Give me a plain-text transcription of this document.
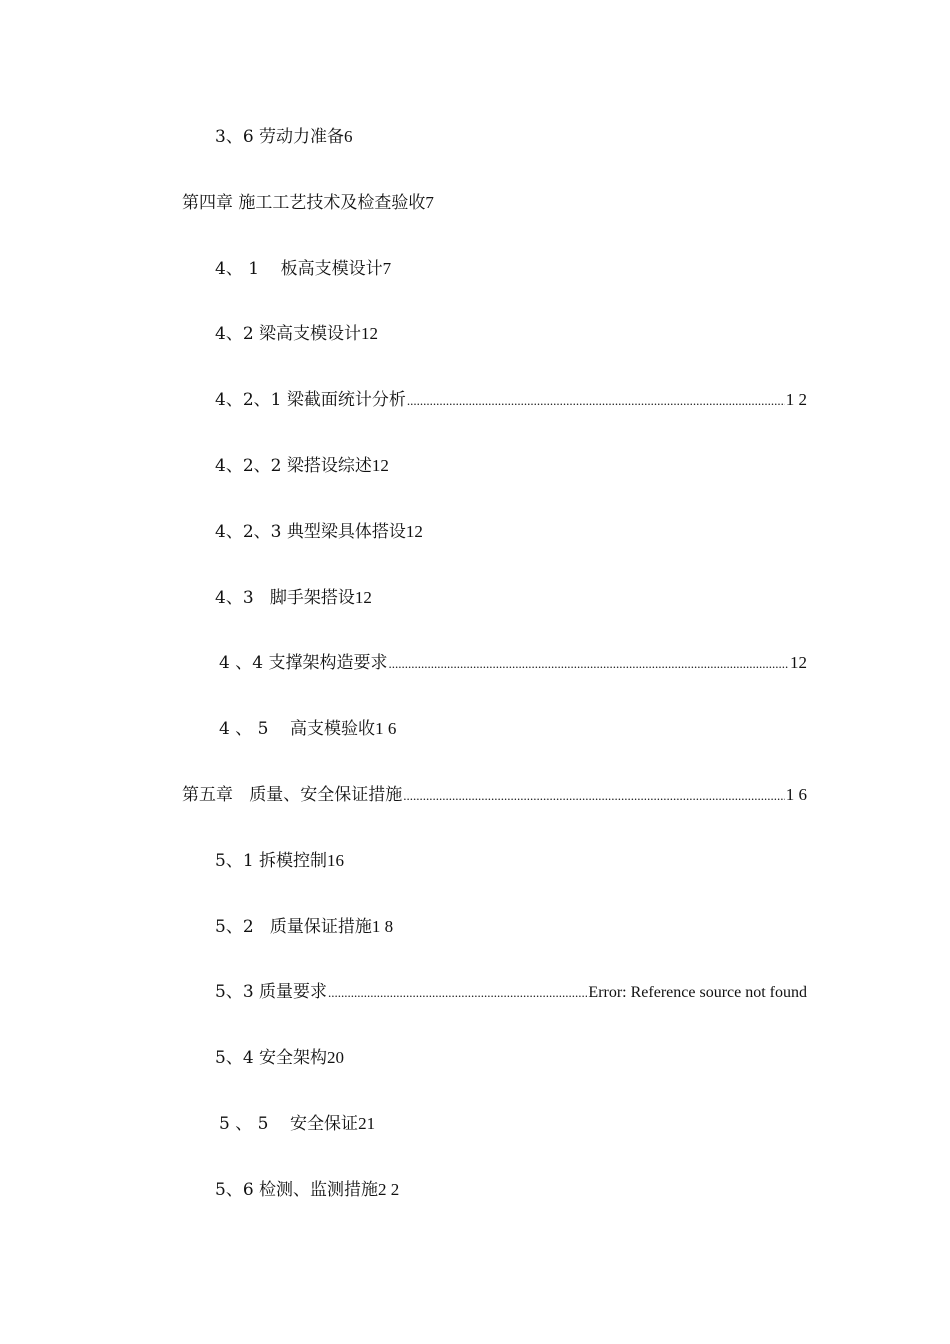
3、6 劳动力准备 6
第四章 施工工艺技术及检查验收 7
4、 1    板高支模设计 7
4、2 梁高支模设计 12
4、2、1 梁截面统计分析 .....	1 2
4、2、2 梁搭设综述 12
4、2、3 典型梁具体搭设 12
4、3   脚手架搭设 12
4 、4 支撑架构造要求 .....	12
4 、 5    高支模验收 1 6
第五章   质量、安全保证措施 .....	1 6
5、1 拆模控制 16
5、2   质量保证措施 1 8
5、3 质量要求 .....	Error: Reference source not found
5、4 安全架构 20
5 、 5    安全保证 21
5、6 检测、监测措施 2 2
